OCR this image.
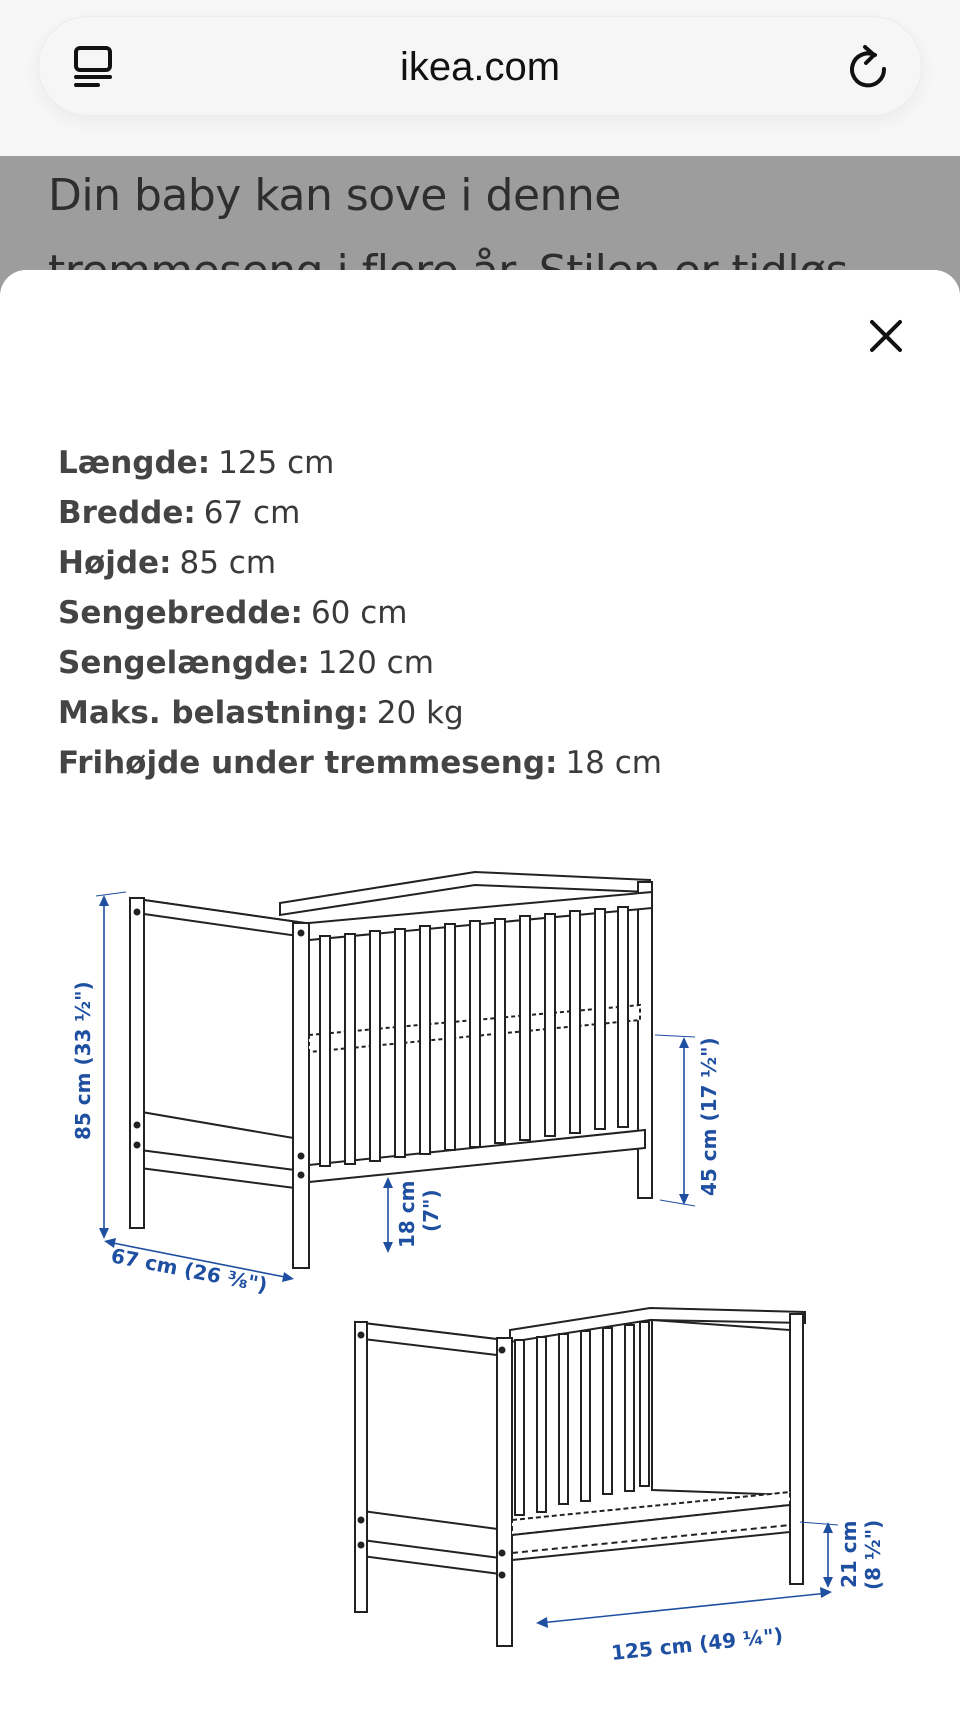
ikea.com
Din baby kan sove i denne
Længde: 125 cm
Bredde: 67 cm
Højde: 85 cm
Sengebredde: 60 cm
Sengelængde: 120 cm
Maks. belastning: 20 kg
Frihøjde under tremmeseng: 18 cm
85 cm (33 ½")
67 cm (26 ⅜")
18 cm (7")
45 cm (17 ½")
125 cm (49 ¼")
21 cm (8 ½")
